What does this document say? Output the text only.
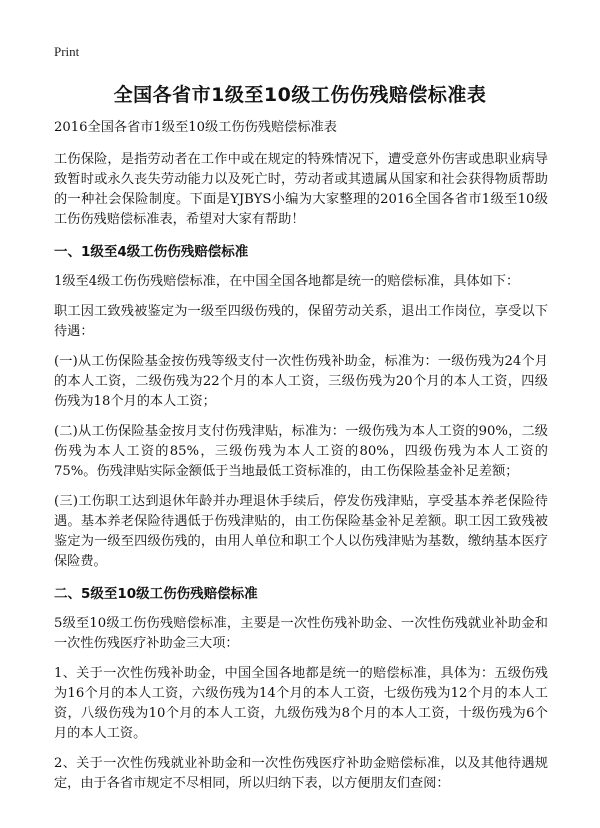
Print
全国各省市1级至10级工伤伤残赔偿标准表
2016全国各省市1级至10级工伤伤残赔偿标准表

工伤保险，是指劳动者在工作中或在规定的特殊情况下，遭受意外伤害或患职业病导致暂时或永久丧失劳动能力以及死亡时，劳动者或其遗属从国家和社会获得物质帮助的一种社会保险制度。下面是YJBYS小编为大家整理的2016全国各省市1级至10级工伤伤残赔偿标准表，希望对大家有帮助！

一、1级至4级工伤伤残赔偿标准

1级至4级工伤伤残赔偿标准，在中国全国各地都是统一的赔偿标准，具体如下：

职工因工致残被鉴定为一级至四级伤残的，保留劳动关系，退出工作岗位，享受以下待遇：

(一)从工伤保险基金按伤残等级支付一次性伤残补助金，标准为：一级伤残为24个月的本人工资，二级伤残为22个月的本人工资，三级伤残为20个月的本人工资，四级伤残为18个月的本人工资；

(二)从工伤保险基金按月支付伤残津贴，标准为：一级伤残为本人工资的90%，二级伤残为本人工资的85%，三级伤残为本人工资的80%，四级伤残为本人工资的75%。伤残津贴实际金额低于当地最低工资标准的，由工伤保险基金补足差额；

(三)工伤职工达到退休年龄并办理退休手续后，停发伤残津贴，享受基本养老保险待遇。基本养老保险待遇低于伤残津贴的，由工伤保险基金补足差额。职工因工致残被鉴定为一级至四级伤残的，由用人单位和职工个人以伤残津贴为基数，缴纳基本医疗保险费。

二、5级至10级工伤伤残赔偿标准

5级至10级工伤伤残赔偿标准，主要是一次性伤残补助金、一次性伤残就业补助金和一次性伤残医疗补助金三大项：

1、关于一次性伤残补助金，中国全国各地都是统一的赔偿标准，具体为：五级伤残为16个月的本人工资，六级伤残为14个月的本人工资，七级伤残为12个月的本人工资，八级伤残为10个月的本人工资，九级伤残为8个月的本人工资，十级伤残为6个月的本人工资。

2、关于一次性伤残就业补助金和一次性伤残医疗补助金赔偿标准，以及其他待遇规定，由于各省市规定不尽相同，所以归纳下表，以方便朋友们查阅：
